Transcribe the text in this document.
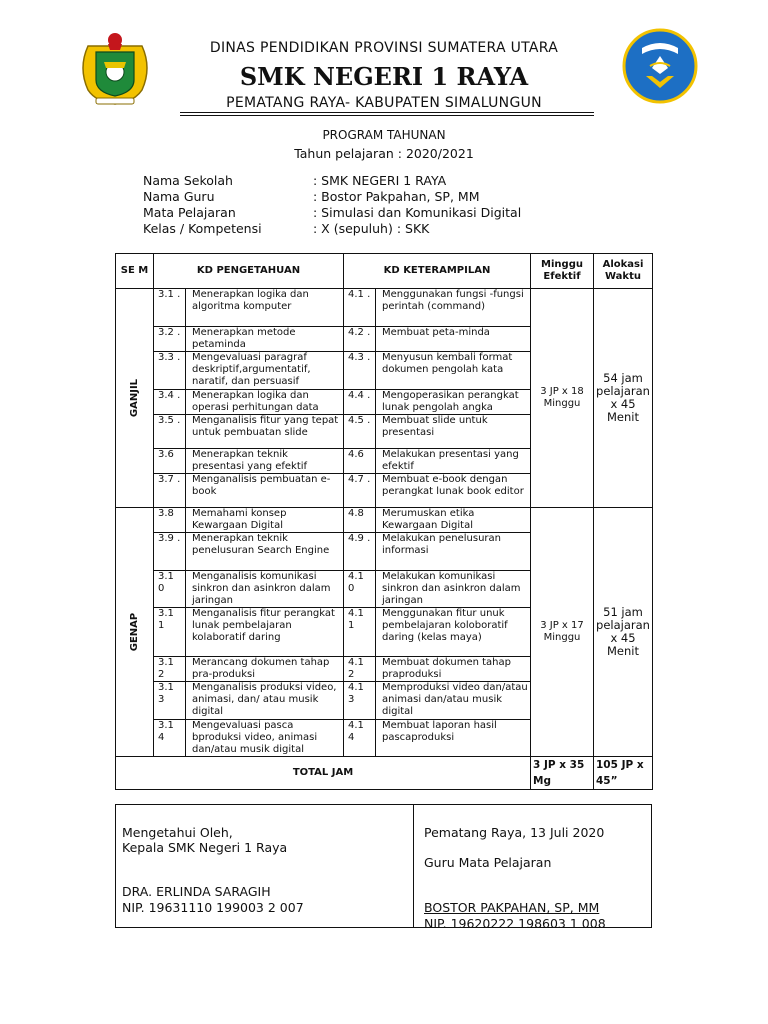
DINAS PENDIDIKAN PROVINSI SUMATERA UTARA
SMK NEGERI 1 RAYA
PEMATANG RAYA- KABUPATEN SIMALUNGUN
PROGRAM TAHUNAN
Tahun pelajaran : 2020/2021
Nama Sekolah	: SMK NEGERI 1 RAYA
Nama Guru	: Bostor Pakpahan, SP, MM
Mata Pelajaran	: Simulasi dan Komunikasi Digital
Kelas / Kompetensi	: X (sepuluh) : SKK
SE M	KD PENGETAHUAN		KD KETERAMPILAN		Minggu Efektif	Alokasi Waktu
GANJIL	3.1 .	Menerapkan logika dan algoritma komputer	4.1 .	Menggunakan fungsi -fungsi perintah (command)	3 JP x 18 Minggu	54 jam pelajaran x 45 Menit
	3.2 .	Menerapkan metode petaminda	4.2 .	Membuat peta-minda		
	3.3 .	Mengevaluasi paragraf deskriptif,argumentatif, naratif, dan persuasif	4.3 .	Menyusun kembali format dokumen pengolah kata		
	3.4 .	Menerapkan logika dan operasi perhitungan data	4.4 .	Mengoperasikan perangkat lunak pengolah angka		
	3.5 .	Menganalisis fitur yang tepat untuk pembuatan slide	4.5 .	Membuat slide untuk presentasi		
	3.6	Menerapkan teknik presentasi yang efektif	4.6	Melakukan presentasi yang efektif		
	3.7 .	Menganalisis pembuatan e-book	4.7 .	Membuat e-book dengan perangkat lunak book editor		
GENAP	3.8	Memahami konsep Kewargaan Digital	4.8	Merumuskan etika Kewargaan Digital	3 JP x 17 Minggu	51 jam pelajaran x 45 Menit
	3.9 .	Menerapkan teknik penelusuran Search Engine	4.9 .	Melakukan penelusuran informasi		
	3.1 0	Menganalisis komunikasi sinkron dan asinkron dalam jaringan	4.1 0	Melakukan komunikasi sinkron dan asinkron dalam jaringan		
	3.1 1	Menganalisis fitur perangkat lunak pembelajaran kolaboratif daring	4.1 1	Menggunakan fitur unuk pembelajaran koloboratif daring (kelas maya)		
	3.1 2	Merancang dokumen tahap pra-produksi	4.1 2	Membuat dokumen tahap praproduksi		
	3.1 3	Menganalisis produksi video, animasi, dan/ atau musik digital	4.1 3	Memproduksi video dan/atau animasi dan/atau musik digital		
	3.1 4	Mengevaluasi pasca bproduksi video, animasi dan/atau musik digital	4.1 4	Membuat laporan hasil pascaproduksi		
TOTAL JAM					3 JP x 35 Mg	105 JP x 45”
Mengetahui Oleh,
Kepala SMK Negeri 1 Raya
DRA. ERLINDA SARAGIH
NIP. 19631110 199003 2 007
Pematang Raya, 13 Juli 2020
Guru Mata Pelajaran
BOSTOR PAKPAHAN, SP, MM
NIP. 19620222 198603 1 008
